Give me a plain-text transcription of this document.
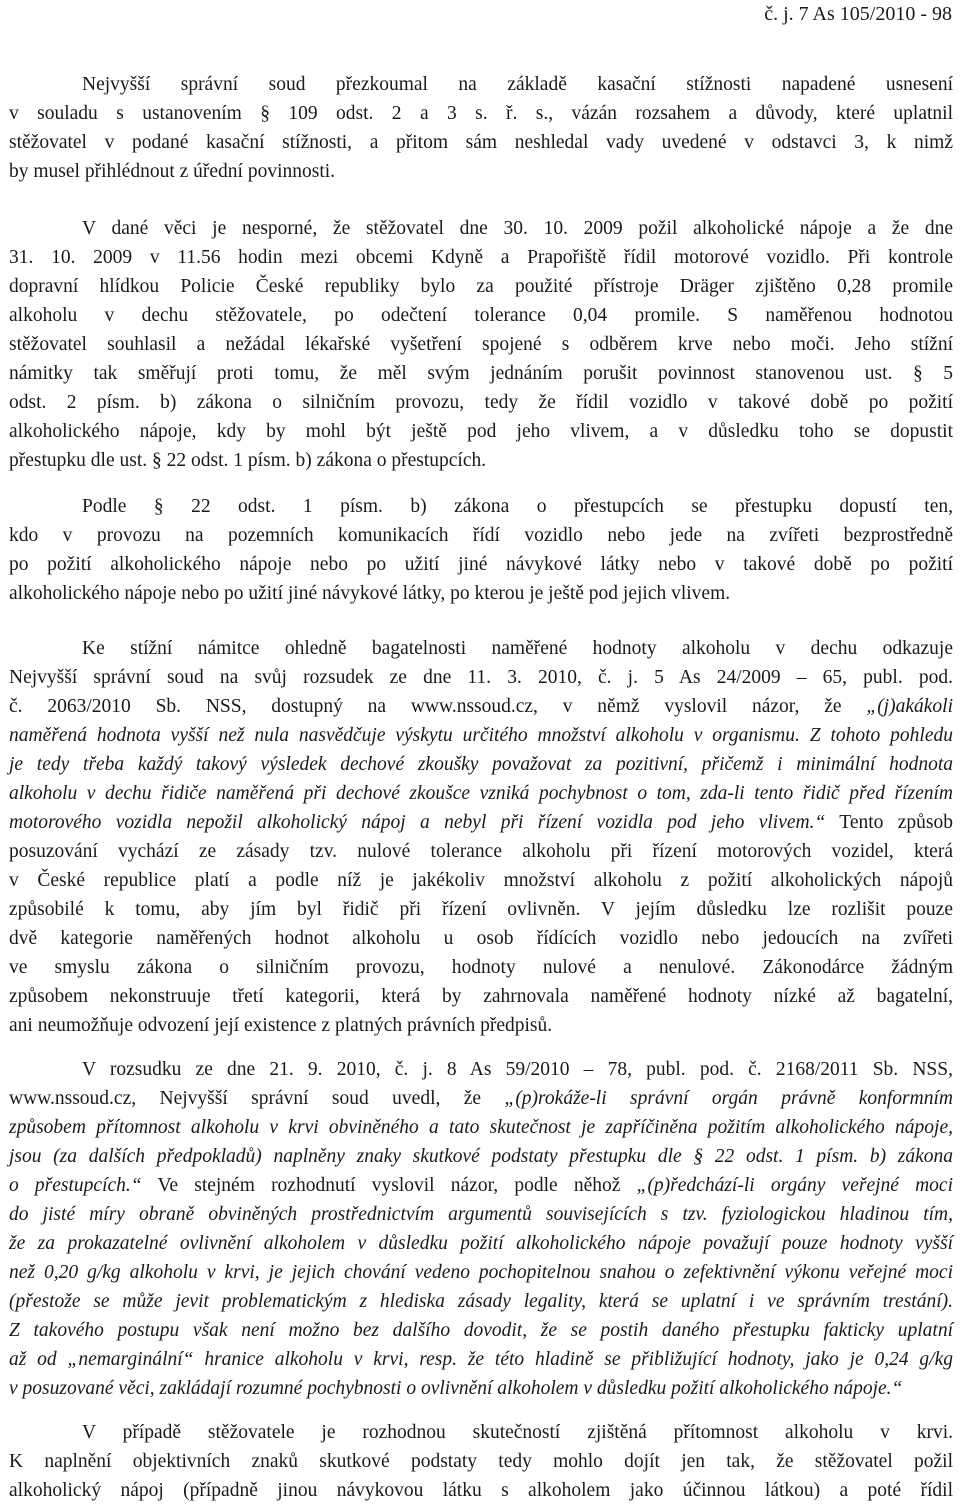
č. j. 7 As 105/2010 - 98
Nejvyšší správní soud přezkoumal na základě kasační stížnosti napadené usnesení
v souladu s ustanovením § 109 odst. 2 a 3 s. ř. s., vázán rozsahem a důvody, které uplatnil
stěžovatel v podané kasační stížnosti, a přitom sám neshledal vady uvedené v odstavci 3, k nimž
by musel přihlédnout z úřední povinnosti.
V dané věci je nesporné, že stěžovatel dne 30. 10. 2009 požil alkoholické nápoje a že dne
31. 10. 2009 v 11.56 hodin mezi obcemi Kdyně a Prapořiště řídil motorové vozidlo. Při kontrole
dopravní hlídkou Policie České republiky bylo za použité přístroje Dräger zjištěno 0,28 promile
alkoholu v dechu stěžovatele, po odečtení tolerance 0,04 promile. S naměřenou hodnotou
stěžovatel souhlasil a nežádal lékařské vyšetření spojené s odběrem krve nebo moči. Jeho stížní
námitky tak směřují proti tomu, že měl svým jednáním porušit povinnost stanovenou ust. § 5
odst. 2 písm. b) zákona o silničním provozu, tedy že řídil vozidlo v takové době po požití
alkoholického nápoje, kdy by mohl být ještě pod jeho vlivem, a v důsledku toho se dopustit
přestupku dle ust. § 22 odst. 1 písm. b) zákona o přestupcích.
Podle § 22 odst. 1 písm. b) zákona o přestupcích se přestupku dopustí ten,
kdo v provozu na pozemních komunikacích řídí vozidlo nebo jede na zvířeti bezprostředně
po požití alkoholického nápoje nebo po užití jiné návykové látky nebo v takové době po požití
alkoholického nápoje nebo po užití jiné návykové látky, po kterou je ještě pod jejich vlivem.
Ke stížní námitce ohledně bagatelnosti naměřené hodnoty alkoholu v dechu odkazuje
Nejvyšší správní soud na svůj rozsudek ze dne 11. 3. 2010, č. j. 5 As 24/2009 – 65, publ. pod.
č. 2063/2010 Sb. NSS, dostupný na www.nssoud.cz, v němž vyslovil názor, že „(j)akákoli
naměřená hodnota vyšší než nula nasvědčuje výskytu určitého množství alkoholu v organismu. Z tohoto pohledu
je tedy třeba každý takový výsledek dechové zkoušky považovat za pozitivní, přičemž i minimální hodnota
alkoholu v dechu řidiče naměřená při dechové zkoušce vzniká pochybnost o tom, zda-li tento řidič před řízením
motorového vozidla nepožil alkoholický nápoj a nebyl při řízení vozidla pod jeho vlivem.“ Tento způsob
posuzování vychází ze zásady tzv. nulové tolerance alkoholu při řízení motorových vozidel, která
v České republice platí a podle níž je jakékoliv množství alkoholu z požití alkoholických nápojů
způsobilé k tomu, aby jím byl řidič při řízení ovlivněn. V jejím důsledku lze rozlišit pouze
dvě kategorie naměřených hodnot alkoholu u osob řídících vozidlo nebo jedoucích na zvířeti
ve smyslu zákona o silničním provozu, hodnoty nulové a nenulové. Zákonodárce žádným
způsobem nekonstruuje třetí kategorii, která by zahrnovala naměřené hodnoty nízké až bagatelní,
ani neumožňuje odvození její existence z platných právních předpisů.
V rozsudku ze dne 21. 9. 2010, č. j. 8 As 59/2010 – 78, publ. pod. č. 2168/2011 Sb. NSS,
www.nssoud.cz, Nejvyšší správní soud uvedl, že „(p)rokáže-li správní orgán právně konformním
způsobem přítomnost alkoholu v krvi obviněného a tato skutečnost je zapříčiněna požitím alkoholického nápoje,
jsou (za dalších předpokladů) naplněny znaky skutkové podstaty přestupku dle § 22 odst. 1 písm. b) zákona
o přestupcích.“ Ve stejném rozhodnutí vyslovil názor, podle něhož „(p)ředchází-li orgány veřejné moci
do jisté míry obraně obviněných prostřednictvím argumentů souvisejících s tzv. fyziologickou hladinou tím,
že za prokazatelné ovlivnění alkoholem v důsledku požití alkoholického nápoje považují pouze hodnoty vyšší
než 0,20 g/kg alkoholu v krvi, je jejich chování vedeno pochopitelnou snahou o zefektivnění výkonu veřejné moci
(přestože se může jevit problematickým z hlediska zásady legality, která se uplatní i ve správním trestání).
Z takového postupu však není možno bez dalšího dovodit, že se postih daného přestupku fakticky uplatní
až od „nemarginální“ hranice alkoholu v krvi, resp. že této hladině se přibližující hodnoty, jako je 0,24 g/kg
v posuzované věci, zakládají rozumné pochybnosti o ovlivnění alkoholem v důsledku požití alkoholického nápoje.“
V případě stěžovatele je rozhodnou skutečností zjištěná přítomnost alkoholu v krvi.
K naplnění objektivních znaků skutkové podstaty tedy mohlo dojít jen tak, že stěžovatel požil
alkoholický nápoj (případně jinou návykovou látku s alkoholem jako účinnou látkou) a poté řídil
